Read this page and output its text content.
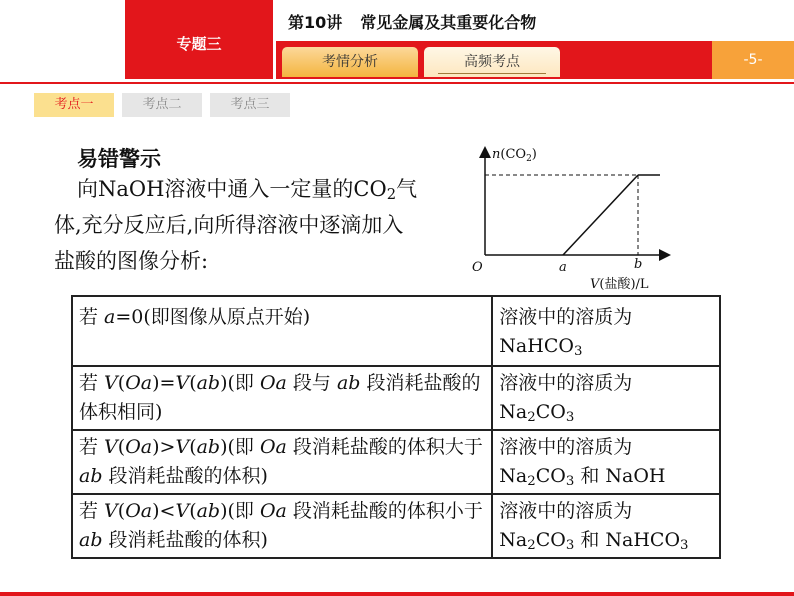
专题三
第10讲 常见金属及其重要化合物
考情分析	高频考点	-5-
考点一	考点二	考点三
易错警示
向NaOH溶液中通入一定量的$CO_2$气
体,充分反应后,向所得溶液中逐滴加入
盐酸的图像分析:
$n(CO_2)$
O	a	b
V(盐酸)/L
若 a=0(即图像从原点开始)	溶液中的溶质为
NaHCO$_3$
若 V(Oa)=V(ab)(即 Oa 段与 ab 段消耗盐酸的体积相同)	溶液中的溶质为
$Na_2CO_3$
若 V(Oa)>V(ab)(即 Oa 段消耗盐酸的体积大于 ab 段消耗盐酸的体积)	溶液中的溶质为
$Na_2CO_3$ 和 NaOH
若 V(Oa)<V(ab)(即 Oa 段消耗盐酸的体积小于 ab 段消耗盐酸的体积)	溶液中的溶质为
$Na_2CO_3$ 和 NaHCO$_3$
